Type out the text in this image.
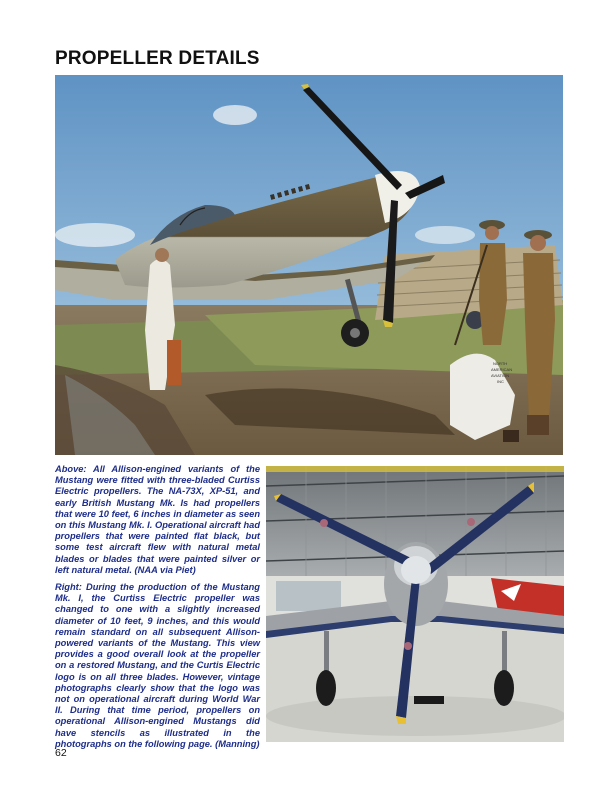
PROPELLER DETAILS
NORTH
AMERICAN
AVIATION
INC
Above: All Allison-engined variants of the Mustang were fitted with three-bladed Curtiss Electric propellers. The NA-73X, XP-51, and early British Mustang Mk. Is had propellers that were 10 feet, 6 inches in diameter as seen on this Mustang Mk. I. Operational aircraft had propellers that were painted flat black, but some test aircraft flew with natural metal blades or blades that were painted silver or left natural metal. (NAA via Piet)
Right: During the production of the Mustang Mk. I, the Curtiss Electric propeller was changed to one with a slightly increased diameter of 10 feet, 9 inches, and this would remain standard on all subsequent Allison-powered variants of the Mustang. This view provides a good overall look at the propeller on a restored Mustang, and the Curtis Electric logo is on all three blades. However, vintage photographs clearly show that the logo was not on operational aircraft during World War II. During that time period, propellers on operational Allison-engined Mustangs did have stencils as illustrated in the photographs on the following page. (Manning)
62
